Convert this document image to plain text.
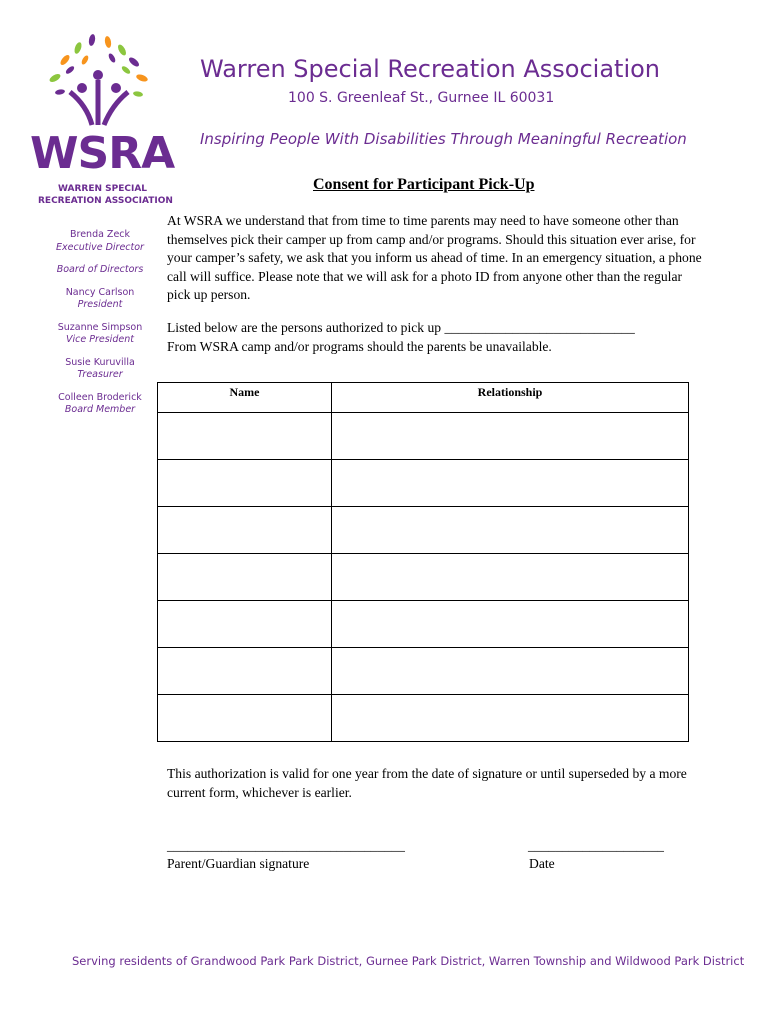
WSRA
WARREN SPECIAL
RECREATION ASSOCIATION
Warren Special Recreation Association
100 S. Greenleaf St., Gurnee IL 60031
Inspiring People With Disabilities Through Meaningful Recreation
Brenda Zeck
Executive Director
Board of Directors
Nancy Carlson
President
Suzanne Simpson
Vice President
Susie Kuruvilla
Treasurer
Colleen Broderick
Board Member
Consent for Participant Pick-Up
At WSRA we understand that from time to time parents may need to have someone other than themselves pick their camper up from camp and/or programs. Should this situation ever arise, for your camper’s safety, we ask that you inform us ahead of time. In an emergency situation, a phone call will suffice. Please note that we will ask for a photo ID from anyone other than the regular pick up person.
Listed below are the persons authorized to pick up ____________________________
From WSRA camp and/or programs should the parents be unavailable.
Name	Relationship

This authorization is valid for one year from the date of signature or until superseded by a more current form, whichever is earlier.
___________________________________	____________________
Parent/Guardian signature	Date
Serving residents of Grandwood Park Park District, Gurnee Park District, Warren Township and Wildwood Park District
